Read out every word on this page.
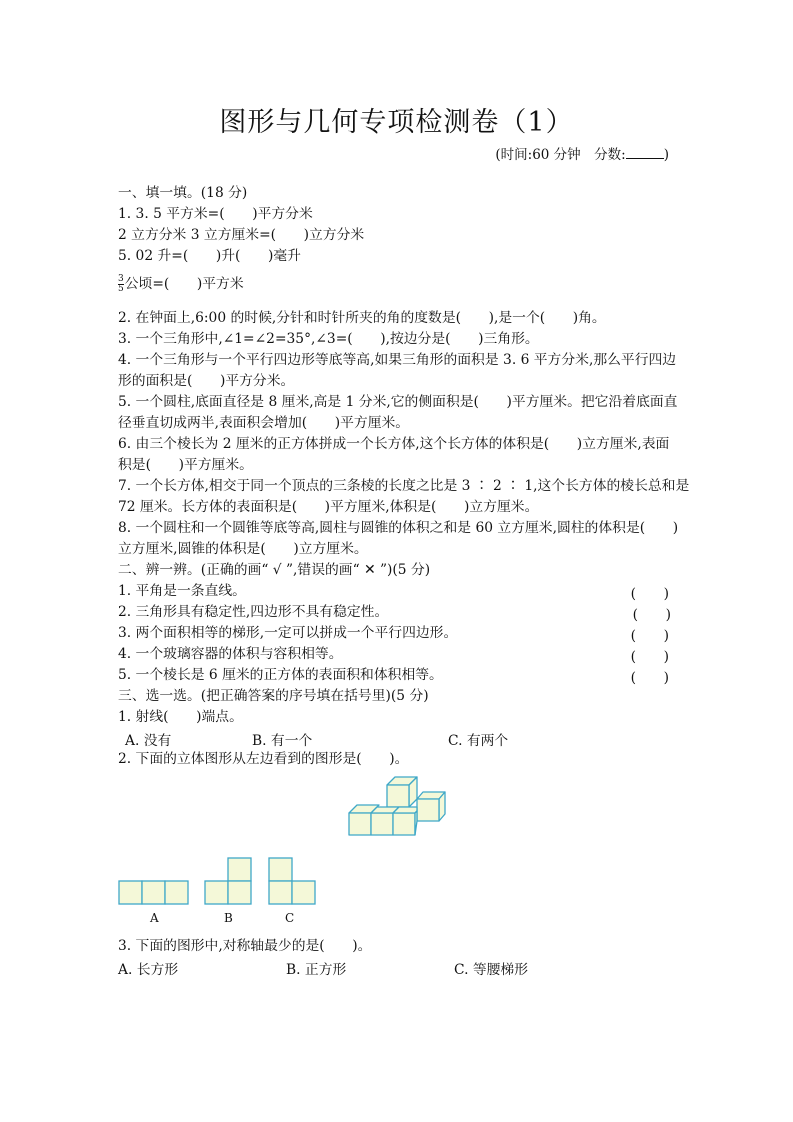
图形与几何专项检测卷（1）
(时间:60 分钟　分数:	)
一、填一填。(18 分)
1. 3. 5 平方米=(　　)平方分米
2 立方分米 3 立方厘米=(　　)立方分米
5. 02 升=(　　)升(　　)毫升
$\frac{3}{5}$ 公顷=(　　)平方米
2. 在钟面上,6:00 的时候,分针和时针所夹的角的度数是(　　),是一个(　　)角。
3. 一个三角形中,∠1=∠2=35°,∠3=(　　),按边分是(　　)三角形。
4. 一个三角形与一个平行四边形等底等高,如果三角形的面积是 3. 6 平方分米,那么平行四边
形的面积是(　　)平方分米。
5. 一个圆柱,底面直径是 8 厘米,高是 1 分米,它的侧面积是(　　)平方厘米。把它沿着底面直
径垂直切成两半,表面积会增加(　　)平方厘米。
6. 由三个棱长为 2 厘米的正方体拼成一个长方体,这个长方体的体积是(　　)立方厘米,表面
积是(　　)平方厘米。
7. 一个长方体,相交于同一个顶点的三条棱的长度之比是 3 ∶ 2 ∶ 1,这个长方体的棱长总和是
72 厘米。长方体的表面积是(　　)平方厘米,体积是(　　)立方厘米。
8. 一个圆柱和一个圆锥等底等高,圆柱与圆锥的体积之和是 60 立方厘米,圆柱的体积是(　　)
立方厘米,圆锥的体积是(　　)立方厘米。
二、辨一辨。(正确的画“ √ ”,错误的画“ ✕ ”)(5 分)
1. 平角是一条直线。	(　　)
2. 三角形具有稳定性,四边形不具有稳定性。	(　　)
3. 两个面积相等的梯形,一定可以拼成一个平行四边形。	(　　)
4. 一个玻璃容器的体积与容积相等。	(　　)
5. 一个棱长是 6 厘米的正方体的表面积和体积相等。	(　　)
三、选一选。(把正确答案的序号填在括号里)(5 分)
1. 射线(　　)端点。
A. 没有	B. 有一个	C. 有两个
2. 下面的立体图形从左边看到的图形是(　　)。
A	B	C
3. 下面的图形中,对称轴最少的是(　　)。
A. 长方形	B. 正方形	C. 等腰梯形
